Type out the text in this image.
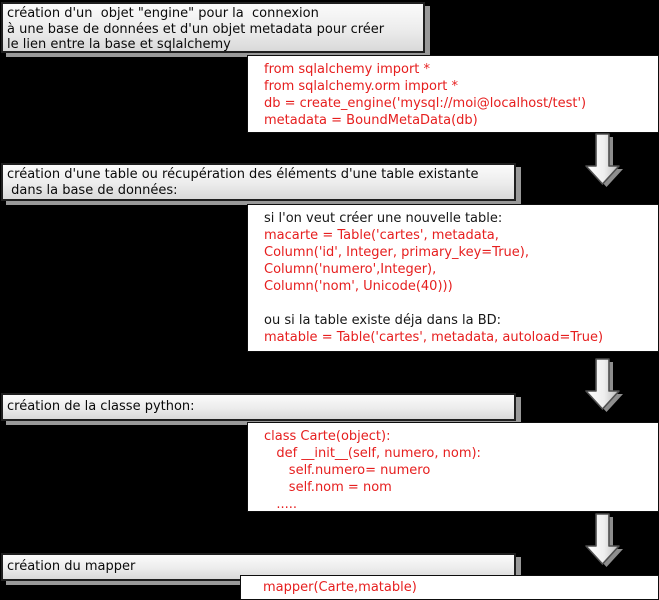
création d'un  objet "engine" pour la  connexion
à une base de données et d'un objet metadata pour créer
le lien entre la base et sqlalchemy
from sqlalchemy import *
from sqlalchemy.orm import *
db = create_engine('mysql://moi@localhost/test')
metadata = BoundMetaData(db)
création d'une table ou récupération des éléments d'une table existante
dans la base de données:
si l'on veut créer une nouvelle table:
macarte = Table('cartes', metadata,
Column('id', Integer, primary_key=True),
Column('numero',Integer),
Column('nom', Unicode(40)))
ou si la table existe déja dans la BD:
matable = Table('cartes', metadata, autoload=True)
création de la classe python:
class Carte(object):
def __init__(self, numero, nom):
self.numero= numero
self.nom = nom
.....
création du mapper
mapper(Carte,matable)
